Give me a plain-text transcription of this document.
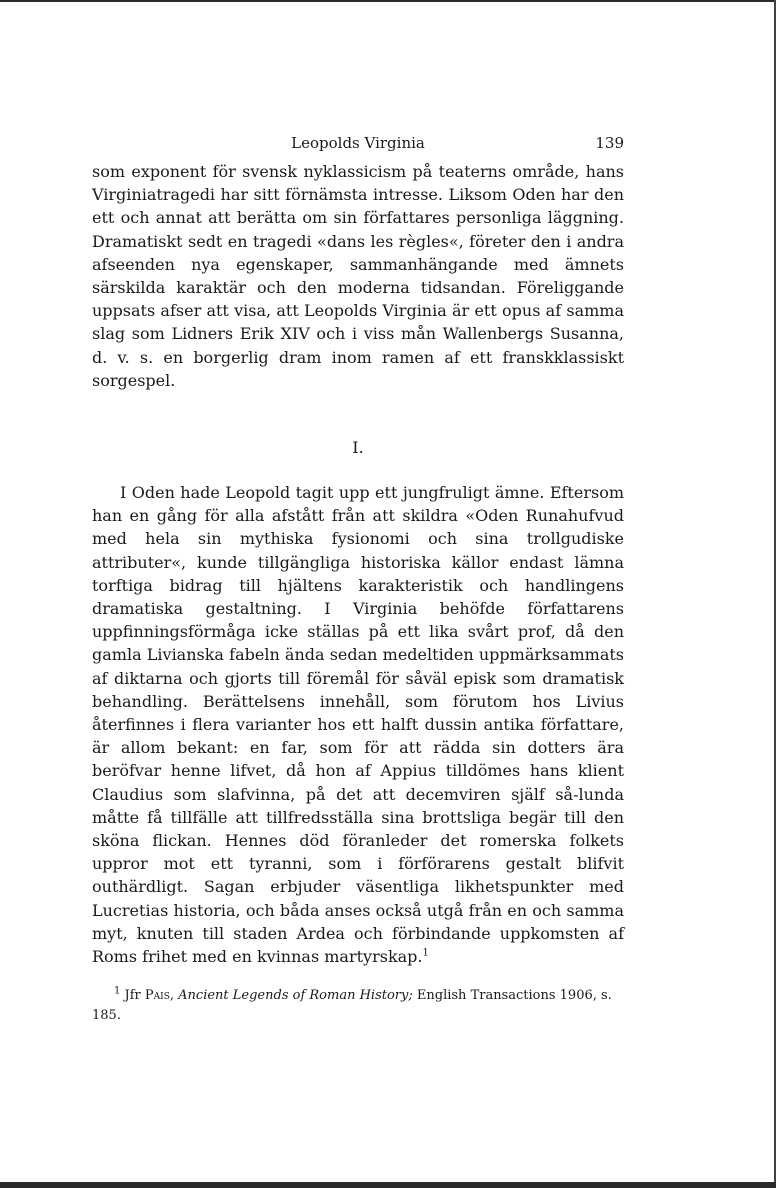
Leopolds Virginia	139

som exponent för svensk nyklassicism på teaterns område, hans Virginiatragedi har sitt förnämsta intresse. Liksom Oden har den ett och annat att berätta om sin författares personliga läggning. Dramatiskt sedt en tragedi «dans les règles«, företer den i andra afseenden nya egenskaper, sammanhängande med ämnets särskilda karaktär och den moderna tidsandan. Föreliggande uppsats afser att visa, att Leopolds Virginia är ett opus af samma slag som Lidners Erik XIV och i viss mån Wallenbergs Susanna, d. v. s. en borgerlig dram inom ramen af ett franskklassiskt sorgespel.

I.

I Oden hade Leopold tagit upp ett jungfruligt ämne. Eftersom han en gång för alla afstått från att skildra «Oden Runahufvud med hela sin mythiska fysionomi och sina trollgudiske attributer«, kunde tillgängliga historiska källor endast lämna torftiga bidrag till hjältens karakteristik och handlingens dramatiska gestaltning. I Virginia behöfde författarens uppfinningsförmåga icke ställas på ett lika svårt prof, då den gamla Livianska fabeln ända sedan medeltiden uppmärksammats af diktarna och gjorts till föremål för såväl episk som dramatisk behandling. Berättelsens innehåll, som förutom hos Livius återfinnes i flera varianter hos ett halft dussin antika författare, är allom bekant: en far, som för att rädda sin dotters ära beröfvar henne lifvet, då hon af Appius tilldömes hans klient Claudius som slafvinna, på det att decemviren själf så-lunda måtte få tillfälle att tillfredsställa sina brottsliga begär till den sköna flickan. Hennes död föranleder det romerska folkets uppror mot ett tyranni, som i förförarens gestalt blifvit outhärdligt. Sagan erbjuder väsentliga likhetspunkter med Lucretias historia, och båda anses också utgå från en och samma myt, knuten till staden Ardea och förbindande uppkomsten af Roms frihet med en kvinnas martyrskap.$^1$

$^1$ Jfr Pais, Ancient Legends of Roman History; English Transactions 1906, s. 185.
